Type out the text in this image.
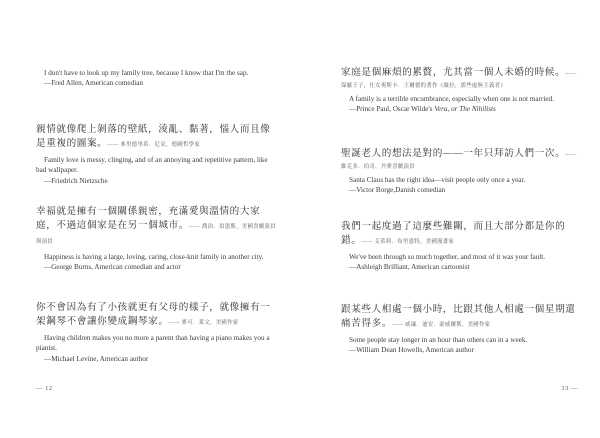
I don't have to look up my family tree, because I know that I'm the sap.
—Fred Allen, American comedian
親情就像爬上剝落的壁紙，淩亂、黏著，惱人而且像是重複的圖案。—— 弗里德里希．尼采，德國哲學家
Family love is messy, clinging, and of an annoying and repetitive pattern, like bad wallpaper.
—Friedrich Nietzsche
幸福就是擁有一個關係親密，充滿愛與溫情的大家庭，不過這個家是在另一個城市。—— 喬治．伯恩斯，美國喜劇演員與演員
Happiness is having a large, loving, caring, close-knit family in another city.
—George Burns, American comedian and actor
你不會因為有了小孩就更有父母的樣子，就像擁有一架鋼琴不會讓你變成鋼琴家。—— 麥可．萊文，美國作家
Having children makes you no more a parent than having a piano makes you a pianist.
—Michael Levine, American author
— 12
家庭是個麻煩的累贅，尤其當一個人未婚的時候。——
保羅王子，仕女奧斯卡．王爾德的著作《薇拉，那些虛無主義者》
A family is a terrible encumbrance, especially when one is not married.
—Prince Paul, Oscar Wilde's Vera, or The Nihilists
聖誕老人的想法是對的——一年只拜訪人們一次。——
維克多．伯奇，丹麥喜劇演員
Santa Claus has the right idea—visit people only once a year.
—Victor Borge,Danish comedian
我們一起度過了這麼些難關，而且大部分都是你的錯。—— 艾希莉．布里恩特，美國漫畫家
We've been through so much together, and most of it was your fault.
—Ashleigh Brilliant, American cartoonist
跟某些人相處一個小時，比跟其他人相處一個星期還痛苦得多。—— 威廉．迪安．豪威爾斯，美國作家
Some people stay longer in an hour than others can in a week.
—William Dean Howells, American author
13 —
